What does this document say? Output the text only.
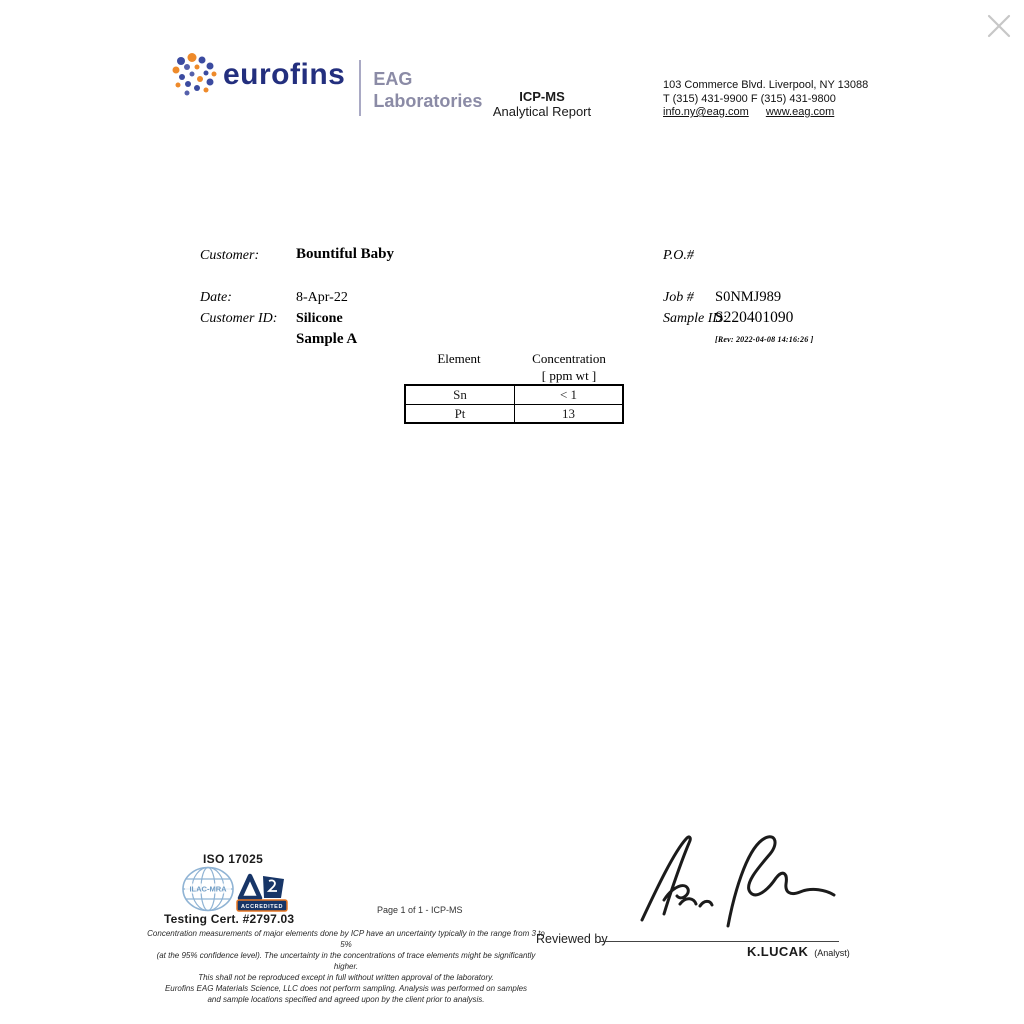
eurofins EAG
Laboratories	ICP-MS
Analytical Report
103 Commerce Blvd. Liverpool, NY 13088
T (315) 431-9900 F (315) 431-9800
info.ny@eag.com www.eag.com
Customer: Bountiful Baby	P.O.#
Date:	8-Apr-22	Job # S0NMJ989
Customer ID: Silicone	Sample ID:
S220401090
Sample A	[Rev: 2022-04-08 14:16:26 ]
Element	Concentration
[ ppm wt ]
Sn	< 1
Pt	13
ISO 17025
ILAC-MRA
ACCREDITED
Testing Cert. #2797.03
Page 1 of 1 - ICP-MS
Concentration measurements of major elements done by ICP have an uncertainty typically in the range from 3 to 5%
(at the 95% confidence level). The uncertainty in the concentrations of trace elements might be significantly higher.
This shall not be reproduced except in full without written approval of the laboratory.
Eurofins EAG Materials Science, LLC does not perform sampling. Analysis was performed on samples
and sample locations specified and agreed upon by the client prior to analysis.
Reviewed by
K.LUCAK (Analyst)
